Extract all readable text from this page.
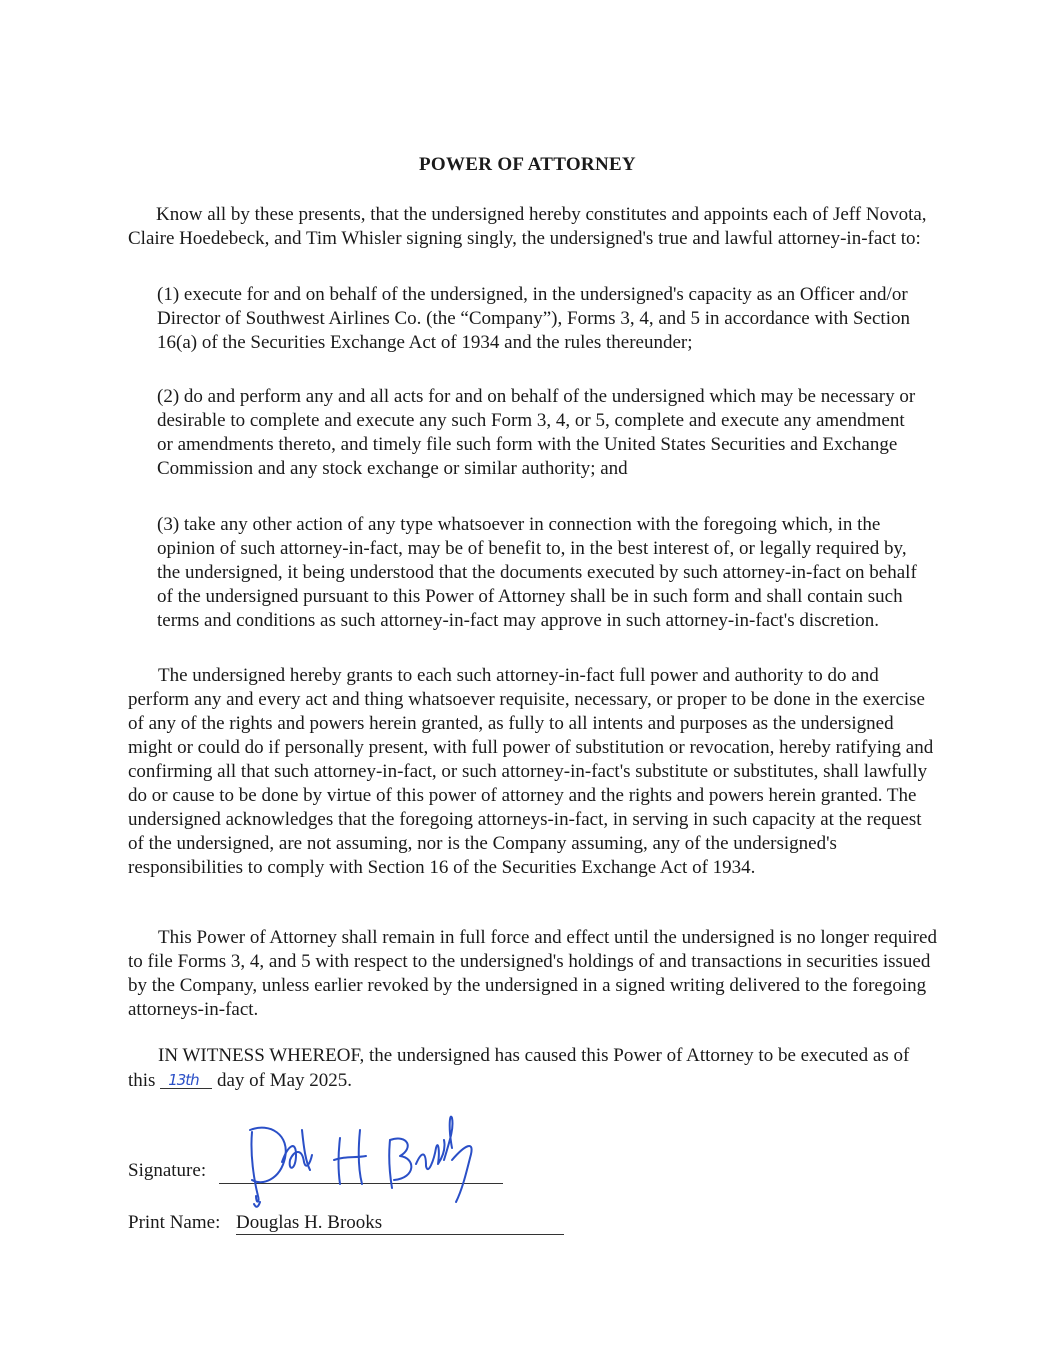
POWER OF ATTORNEY

Know all by these presents, that the undersigned hereby constitutes and appoints each of Jeff Novota, Claire Hoedebeck, and Tim Whisler signing singly, the undersigned's true and lawful attorney-in-fact to:

(1) execute for and on behalf of the undersigned, in the undersigned's capacity as an Officer and/or Director of Southwest Airlines Co. (the “Company”), Forms 3, 4, and 5 in accordance with Section 16(a) of the Securities Exchange Act of 1934 and the rules thereunder;

(2) do and perform any and all acts for and on behalf of the undersigned which may be necessary or desirable to complete and execute any such Form 3, 4, or 5, complete and execute any amendment or amendments thereto, and timely file such form with the United States Securities and Exchange Commission and any stock exchange or similar authority; and

(3) take any other action of any type whatsoever in connection with the foregoing which, in the opinion of such attorney-in-fact, may be of benefit to, in the best interest of, or legally required by, the undersigned, it being understood that the documents executed by such attorney-in-fact on behalf of the undersigned pursuant to this Power of Attorney shall be in such form and shall contain such terms and conditions as such attorney-in-fact may approve in such attorney-in-fact's discretion.

The undersigned hereby grants to each such attorney-in-fact full power and authority to do and perform any and every act and thing whatsoever requisite, necessary, or proper to be done in the exercise of any of the rights and powers herein granted, as fully to all intents and purposes as the undersigned might or could do if personally present, with full power of substitution or revocation, hereby ratifying and confirming all that such attorney-in-fact, or such attorney-in-fact's substitute or substitutes, shall lawfully do or cause to be done by virtue of this power of attorney and the rights and powers herein granted. The undersigned acknowledges that the foregoing attorneys-in-fact, in serving in such capacity at the request of the undersigned, are not assuming, nor is the Company assuming, any of the undersigned's responsibilities to comply with Section 16 of the Securities Exchange Act of 1934.

This Power of Attorney shall remain in full force and effect until the undersigned is no longer required to file Forms 3, 4, and 5 with respect to the undersigned's holdings of and transactions in securities issued by the Company, unless earlier revoked by the undersigned in a signed writing delivered to the foregoing attorneys-in-fact.

IN WITNESS WHEREOF, the undersigned has caused this Power of Attorney to be executed as of this 13th day of May 2025.

Signature:
Print Name: Douglas H. Brooks
